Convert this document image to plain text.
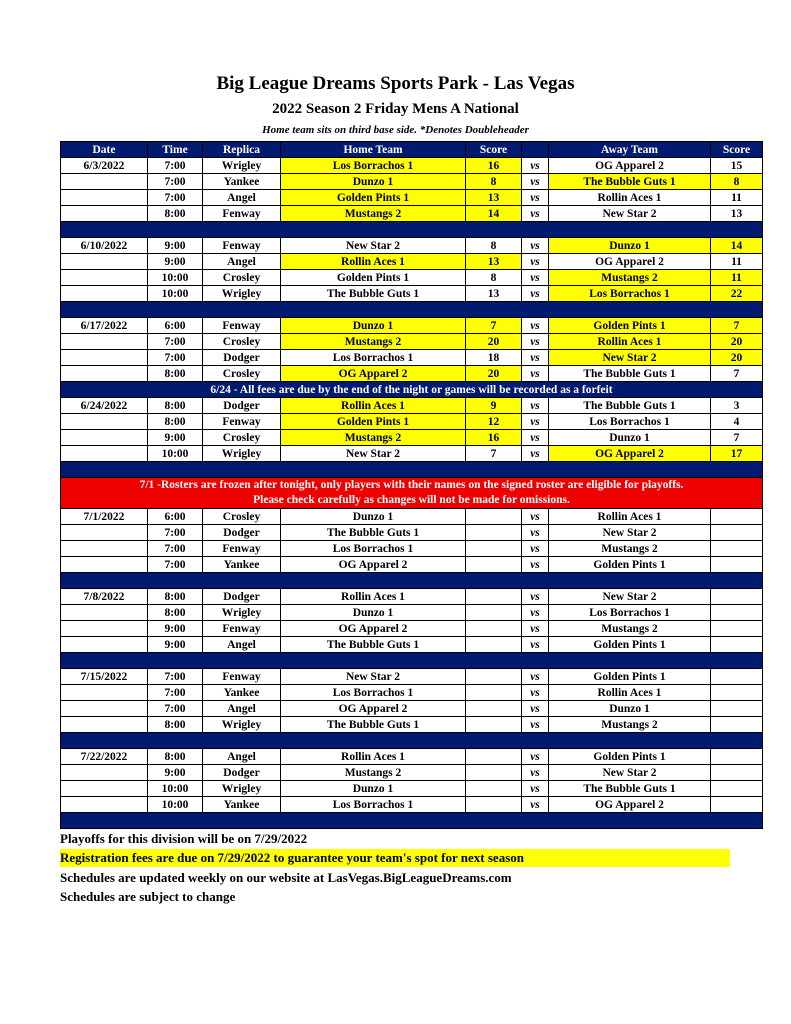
Big League Dreams Sports Park - Las Vegas
2022 Season 2 Friday Mens A National
Home team sits on third base side. *Denotes Doubleheader
Date	Time	Replica	Home Team	Score		Away Team	Score
6/3/2022	7:00	Wrigley	Los Borrachos 1	16	vs	OG Apparel 2	15
	7:00	Yankee	Dunzo 1	8	vs	The Bubble Guts 1	8
	7:00	Angel	Golden Pints 1	13	vs	Rollin Aces 1	11
	8:00	Fenway	Mustangs 2	14	vs	New Star 2	13

6/10/2022	9:00	Fenway	New Star 2	8	vs	Dunzo 1	14
	9:00	Angel	Rollin Aces 1	13	vs	OG Apparel 2	11
	10:00	Crosley	Golden Pints 1	8	vs	Mustangs 2	11
	10:00	Wrigley	The Bubble Guts 1	13	vs	Los Borrachos 1	22

6/17/2022	6:00	Fenway	Dunzo 1	7	vs	Golden Pints 1	7
	7:00	Crosley	Mustangs 2	20	vs	Rollin Aces 1	20
	7:00	Dodger	Los Borrachos 1	18	vs	New Star 2	20
	8:00	Crosley	OG Apparel 2	20	vs	The Bubble Guts 1	7
6/24 - All fees are due by the end of the night or games will be recorded as a forfeit							
6/24/2022	8:00	Dodger	Rollin Aces 1	9	vs	The Bubble Guts 1	3
	8:00	Fenway	Golden Pints 1	12	vs	Los Borrachos 1	4
	9:00	Crosley	Mustangs 2	16	vs	Dunzo 1	7
	10:00	Wrigley	New Star 2	7	vs	OG Apparel 2	17

7/1 -Rosters are frozen after tonight, only players with their names on the signed roster are eligible for playoffs.
Please check carefully as changes will not be made for omissions.							

7/1/2022	6:00	Crosley	Dunzo 1		vs	Rollin Aces 1	
	7:00	Dodger	The Bubble Guts 1		vs	New Star 2	
	7:00	Fenway	Los Borrachos 1		vs	Mustangs 2	
	7:00	Yankee	OG Apparel 2		vs	Golden Pints 1	

7/8/2022	8:00	Dodger	Rollin Aces 1		vs	New Star 2	
	8:00	Wrigley	Dunzo 1		vs	Los Borrachos 1	
	9:00	Fenway	OG Apparel 2		vs	Mustangs 2	
	9:00	Angel	The Bubble Guts 1		vs	Golden Pints 1	

7/15/2022	7:00	Fenway	New Star 2		vs	Golden Pints 1	
	7:00	Yankee	Los Borrachos 1		vs	Rollin Aces 1	
	7:00	Angel	OG Apparel 2		vs	Dunzo 1	
	8:00	Wrigley	The Bubble Guts 1		vs	Mustangs 2	

7/22/2022	8:00	Angel	Rollin Aces 1		vs	Golden Pints 1	
	9:00	Dodger	Mustangs 2		vs	New Star 2	
	10:00	Wrigley	Dunzo 1		vs	The Bubble Guts 1	
	10:00	Yankee	Los Borrachos 1		vs	OG Apparel 2	

Playoffs for this division will be on 7/29/2022
Registration fees are due on 7/29/2022 to guarantee your team's spot for next season
Schedules are updated weekly on our website at LasVegas.BigLeagueDreams.com
Schedules are subject to change
